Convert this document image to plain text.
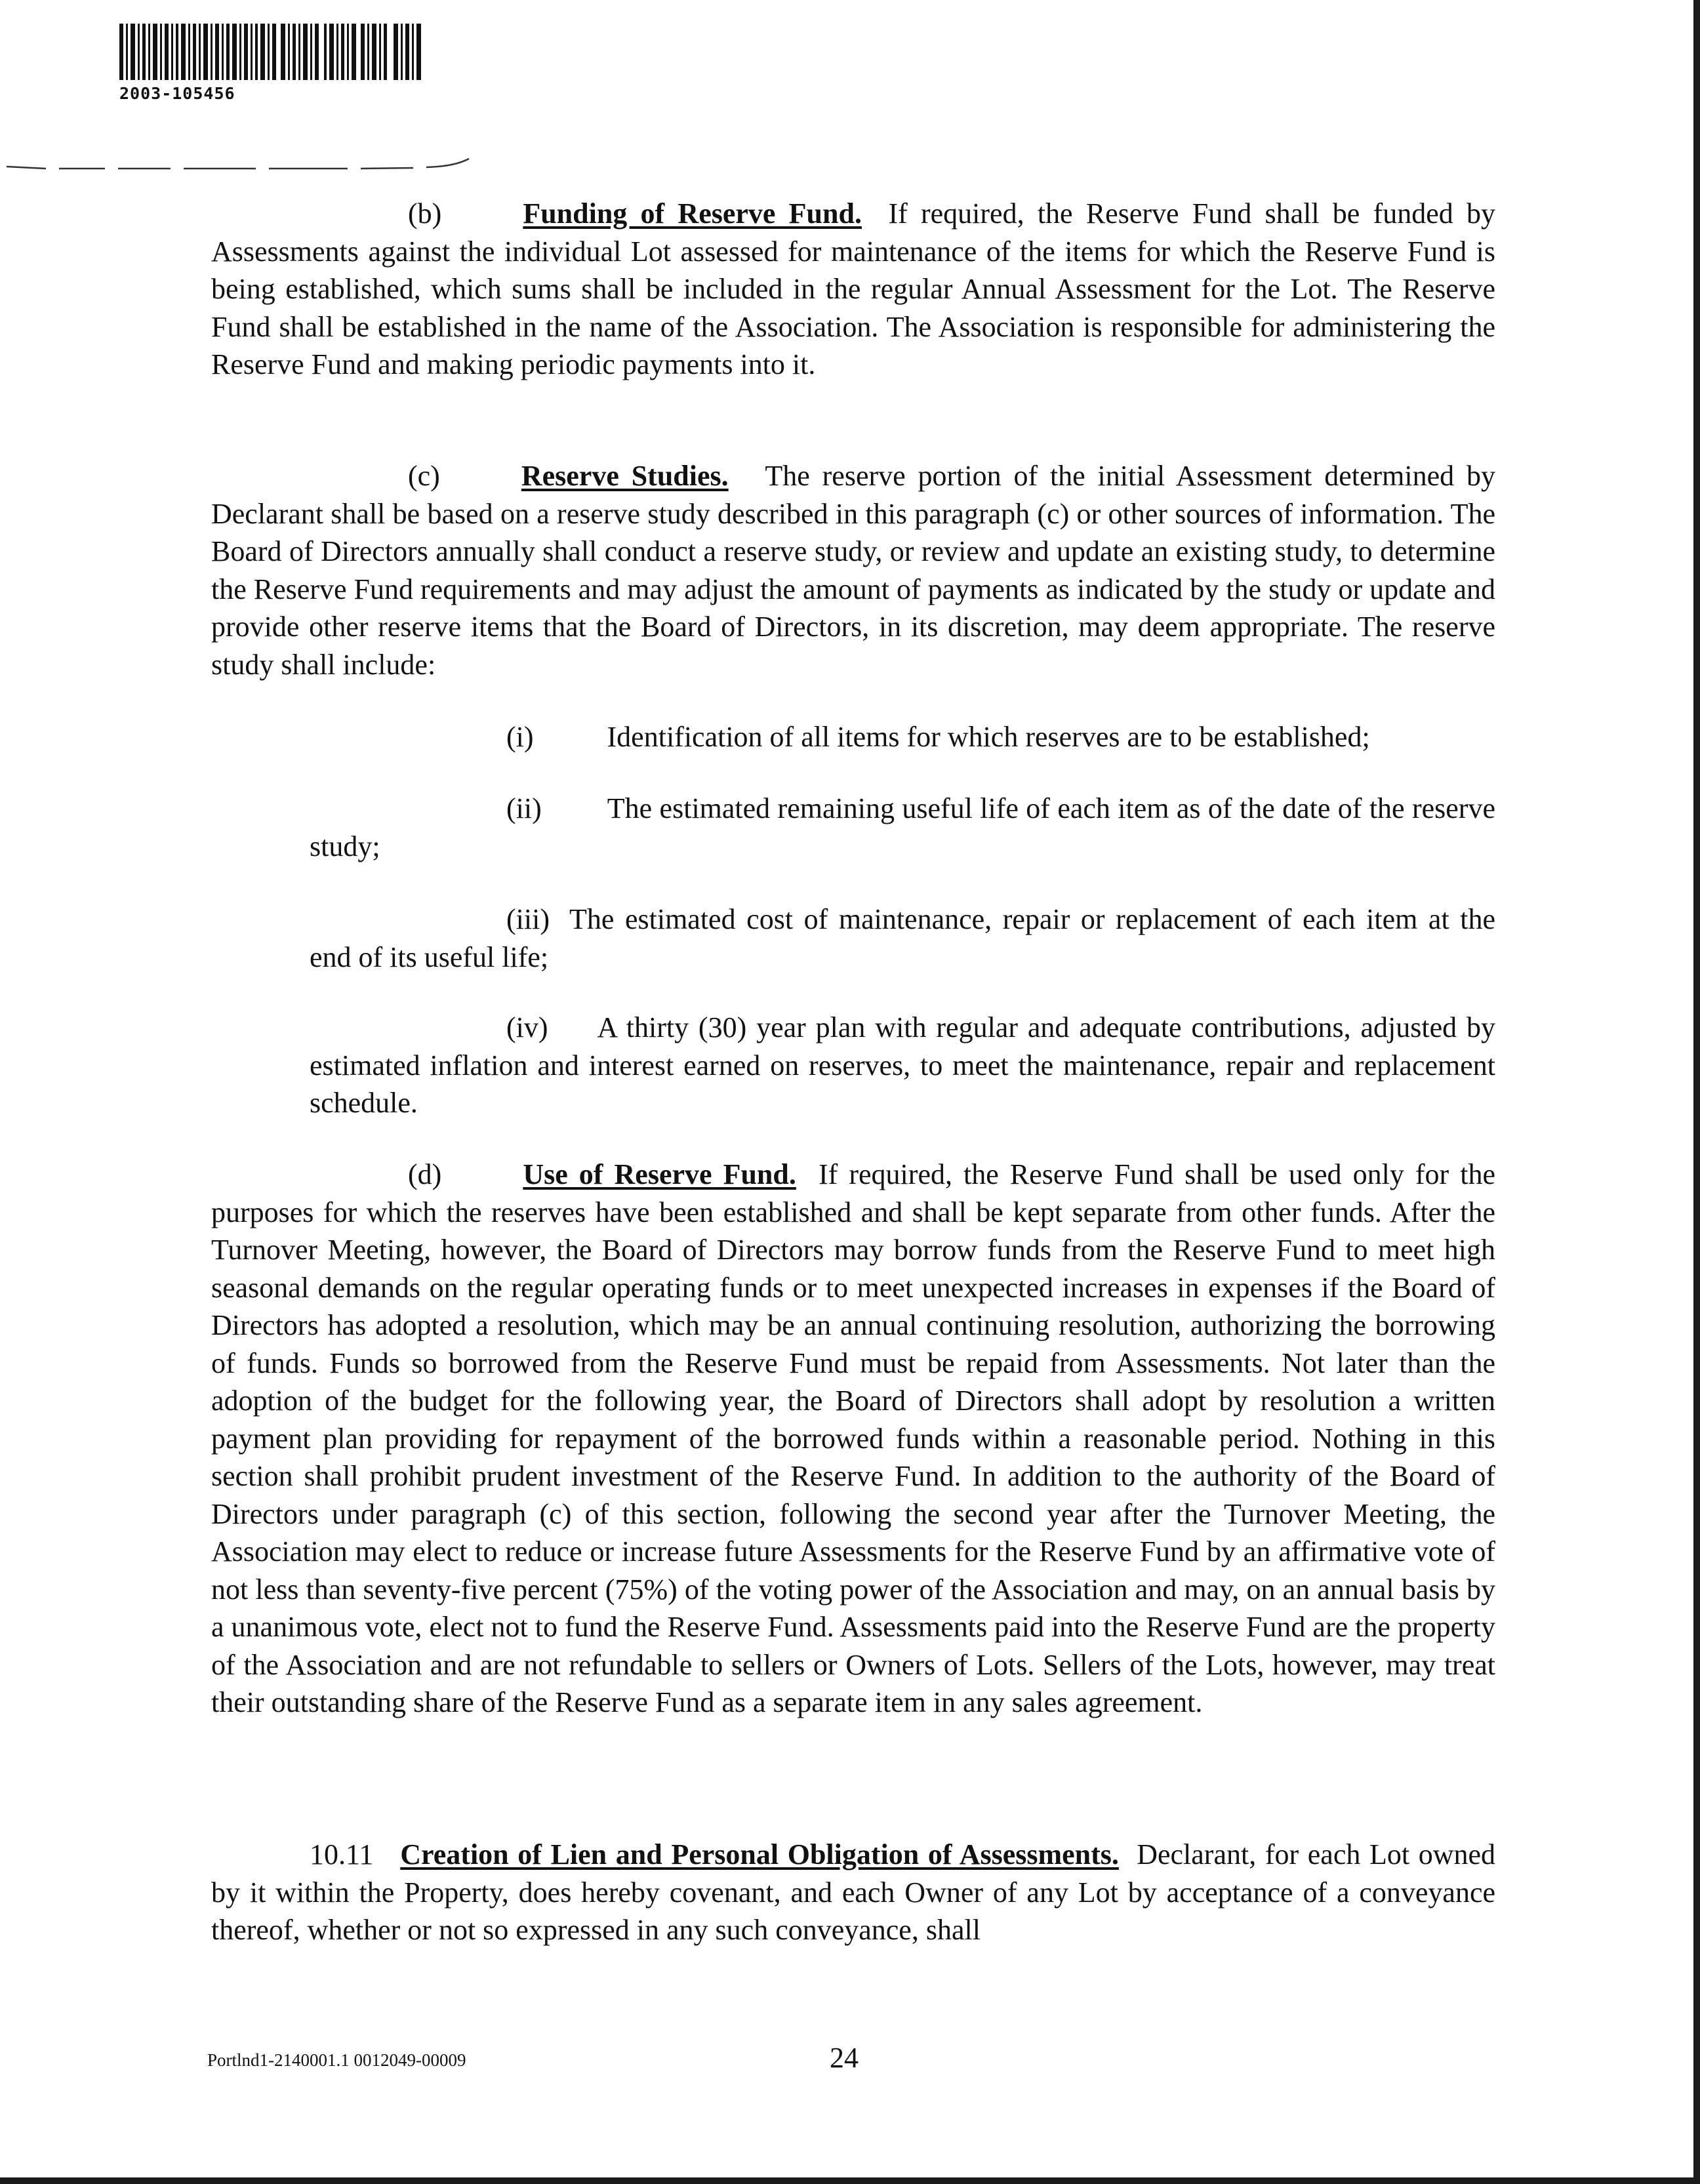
2003-105456

(b)	Funding of Reserve Fund. If required, the Reserve Fund shall be funded by Assessments against the individual Lot assessed for maintenance of the items for which the Reserve Fund is being established, which sums shall be included in the regular Annual Assessment for the Lot. The Reserve Fund shall be established in the name of the Association. The Association is responsible for administering the Reserve Fund and making periodic payments into it.

(c)	Reserve Studies. The reserve portion of the initial Assessment determined by Declarant shall be based on a reserve study described in this paragraph (c) or other sources of information. The Board of Directors annually shall conduct a reserve study, or review and update an existing study, to determine the Reserve Fund requirements and may adjust the amount of payments as indicated by the study or update and provide other reserve items that the Board of Directors, in its discretion, may deem appropriate. The reserve study shall include:

(i)	Identification of all items for which reserves are to be established;

(ii) The estimated remaining useful life of each item as of the date of the reserve study;

(iii) The estimated cost of maintenance, repair or replacement of each item at the end of its useful life;

(iv) A thirty (30) year plan with regular and adequate contributions, adjusted by estimated inflation and interest earned on reserves, to meet the maintenance, repair and replacement schedule.

(d)	Use of Reserve Fund. If required, the Reserve Fund shall be used only for the purposes for which the reserves have been established and shall be kept separate from other funds. After the Turnover Meeting, however, the Board of Directors may borrow funds from the Reserve Fund to meet high seasonal demands on the regular operating funds or to meet unexpected increases in expenses if the Board of Directors has adopted a resolution, which may be an annual continuing resolution, authorizing the borrowing of funds. Funds so borrowed from the Reserve Fund must be repaid from Assessments. Not later than the adoption of the budget for the following year, the Board of Directors shall adopt by resolution a written payment plan providing for repayment of the borrowed funds within a reasonable period. Nothing in this section shall prohibit prudent investment of the Reserve Fund. In addition to the authority of the Board of Directors under paragraph (c) of this section, following the second year after the Turnover Meeting, the Association may elect to reduce or increase future Assessments for the Reserve Fund by an affirmative vote of not less than seventy-five percent (75%) of the voting power of the Association and may, on an annual basis by a unanimous vote, elect not to fund the Reserve Fund. Assessments paid into the Reserve Fund are the property of the Association and are not refundable to sellers or Owners of Lots. Sellers of the Lots, however, may treat their outstanding share of the Reserve Fund as a separate item in any sales agreement.

10.11 Creation of Lien and Personal Obligation of Assessments. Declarant, for each Lot owned by it within the Property, does hereby covenant, and each Owner of any Lot by acceptance of a conveyance thereof, whether or not so expressed in any such conveyance, shall

Portlnd1-2140001.1 0012049-00009	24
